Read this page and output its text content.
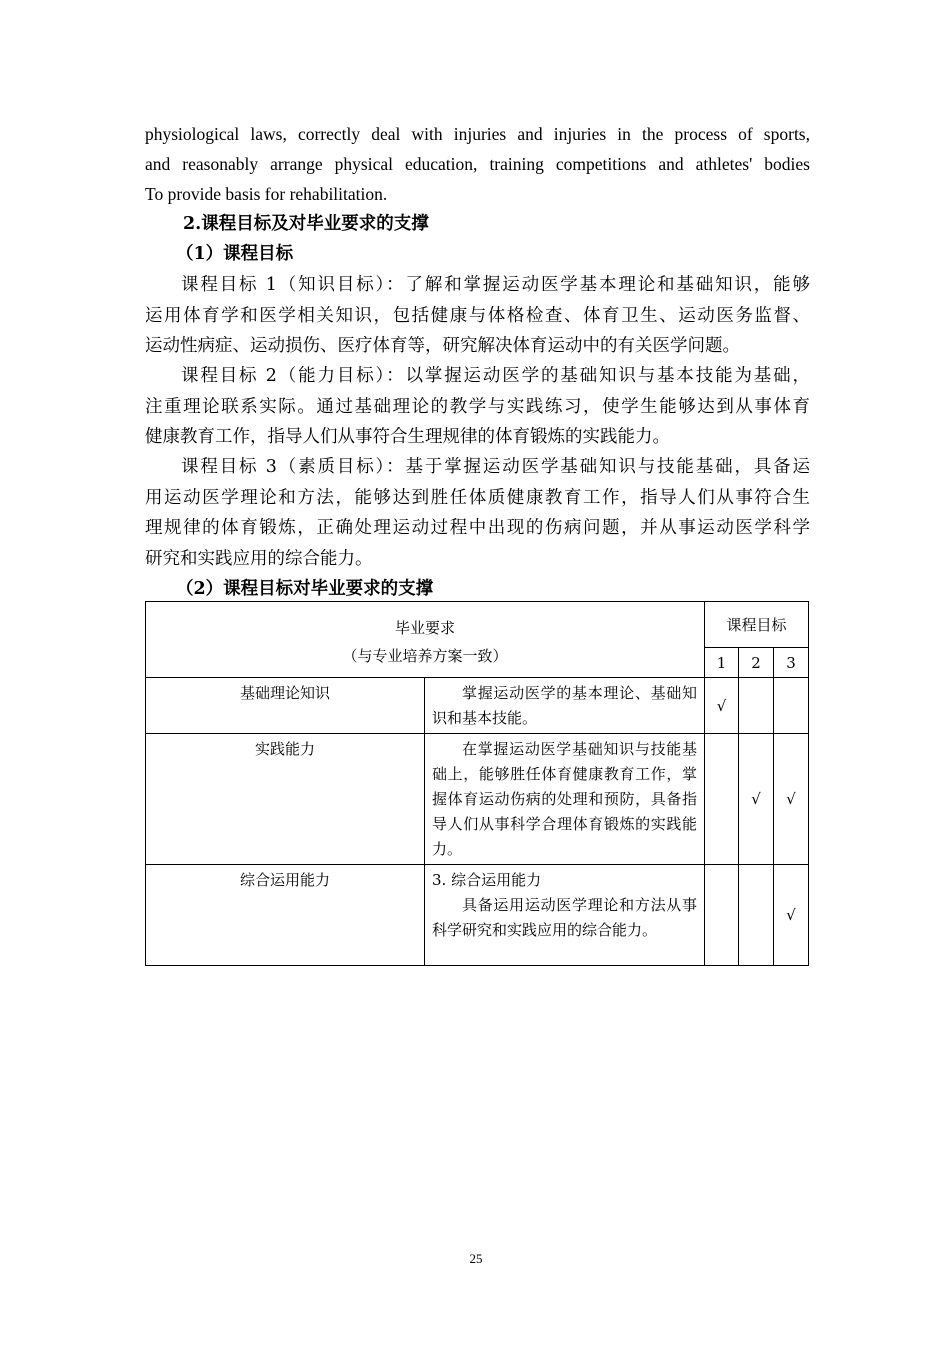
physiological laws, correctly deal with injuries and injuries in the process of sports,
and reasonably arrange physical education, training competitions and athletes' bodies
To provide basis for rehabilitation.
2.课程目标及对毕业要求的支撑
（1）课程目标
课程目标 1（知识目标）：了解和掌握运动医学基本理论和基础知识，能够
运用体育学和医学相关知识，包括健康与体格检查、体育卫生、运动医务监督、
运动性病症、运动损伤、医疗体育等，研究解决体育运动中的有关医学问题。
课程目标 2（能力目标）：以掌握运动医学的基础知识与基本技能为基础，
注重理论联系实际。通过基础理论的教学与实践练习，使学生能够达到从事体育
健康教育工作，指导人们从事符合生理规律的体育锻炼的实践能力。
课程目标 3（素质目标）：基于掌握运动医学基础知识与技能基础，具备运
用运动医学理论和方法，能够达到胜任体质健康教育工作，指导人们从事符合生
理规律的体育锻炼，正确处理运动过程中出现的伤病问题，并从事运动医学科学
研究和实践应用的综合能力。
（2）课程目标对毕业要求的支撑
毕业要求
（与专业培养方案一致）		课程目标		
		1	2	3
基础理论知识	掌握运动医学的基本理论、基础知识和基本技能。	√		
实践能力	在掌握运动医学基础知识与技能基础上，能够胜任体育健康教育工作，掌握体育运动伤病的处理和预防，具备指导人们从事科学合理体育锻炼的实践能力。		√	√
综合运用能力	3. 综合运用能力
具备运用运动医学理论和方法从事科学研究和实践应用的综合能力。			√
25
